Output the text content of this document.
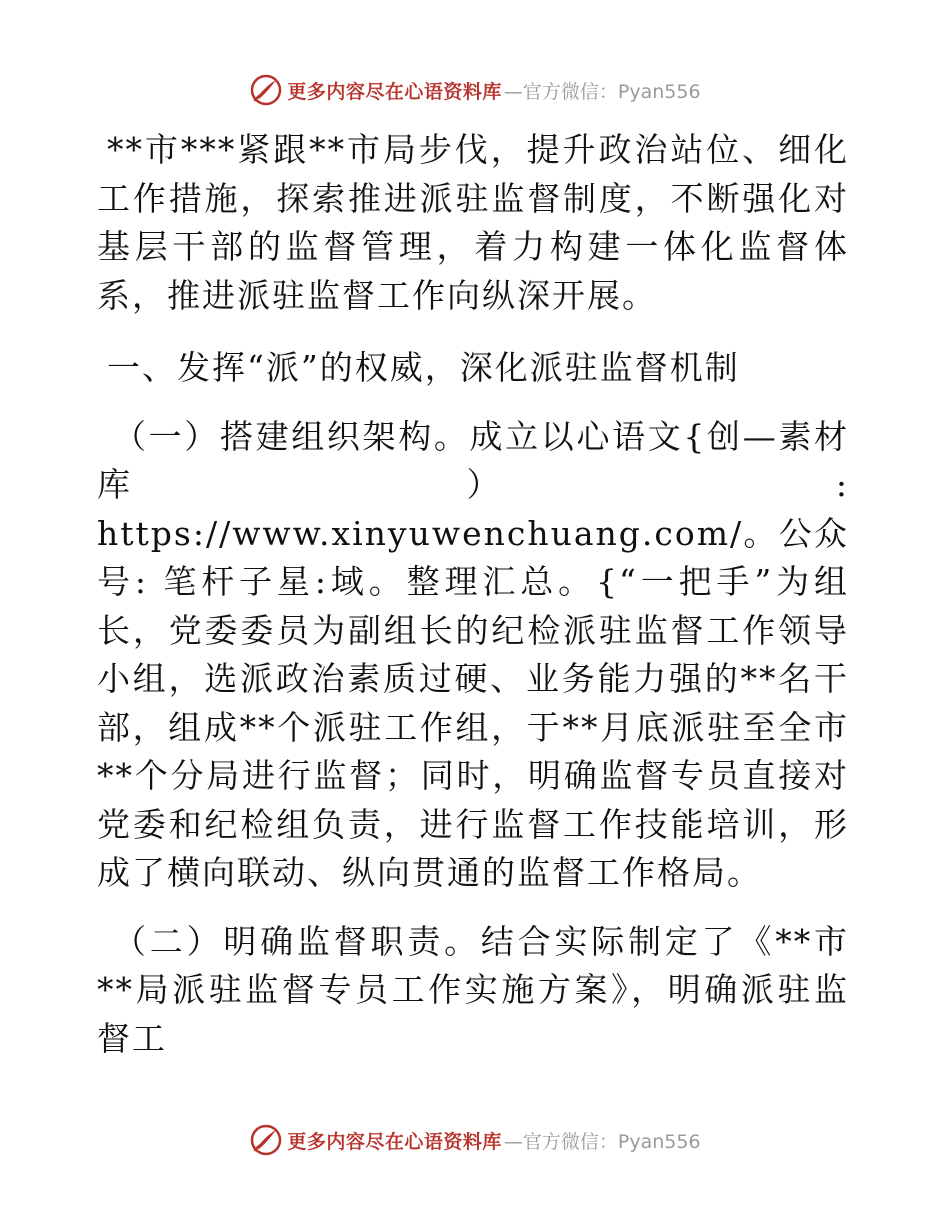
更多内容尽在心语资料库 —官方微信：Pyan556

**市***紧跟**市局步伐，提升政治站位、细化工作措施，探索推进派驻监督制度，不断强化对基层干部的监督管理，着力构建一体化监督体系，推进派驻监督工作向纵深开展。

一、发挥“派”的权威，深化派驻监督机制

（一）搭建组织架构。成立以心语文{创—素材库）: https://www.xinyuwenchuang.com/。公众号: 笔杆子星:域。整理汇总。{“一把手”为组长，党委委员为副组长的纪检派驻监督工作领导小组，选派政治素质过硬、业务能力强的**名干部，组成**个派驻工作组，于**月底派驻至全市**个分局进行监督；同时，明确监督专员直接对党委和纪检组负责，进行监督工作技能培训，形成了横向联动、纵向贯通的监督工作格局。

（二）明确监督职责。结合实际制定了《**市**局派驻监督专员工作实施方案》，明确派驻监督工

更多内容尽在心语资料库 —官方微信：Pyan556
